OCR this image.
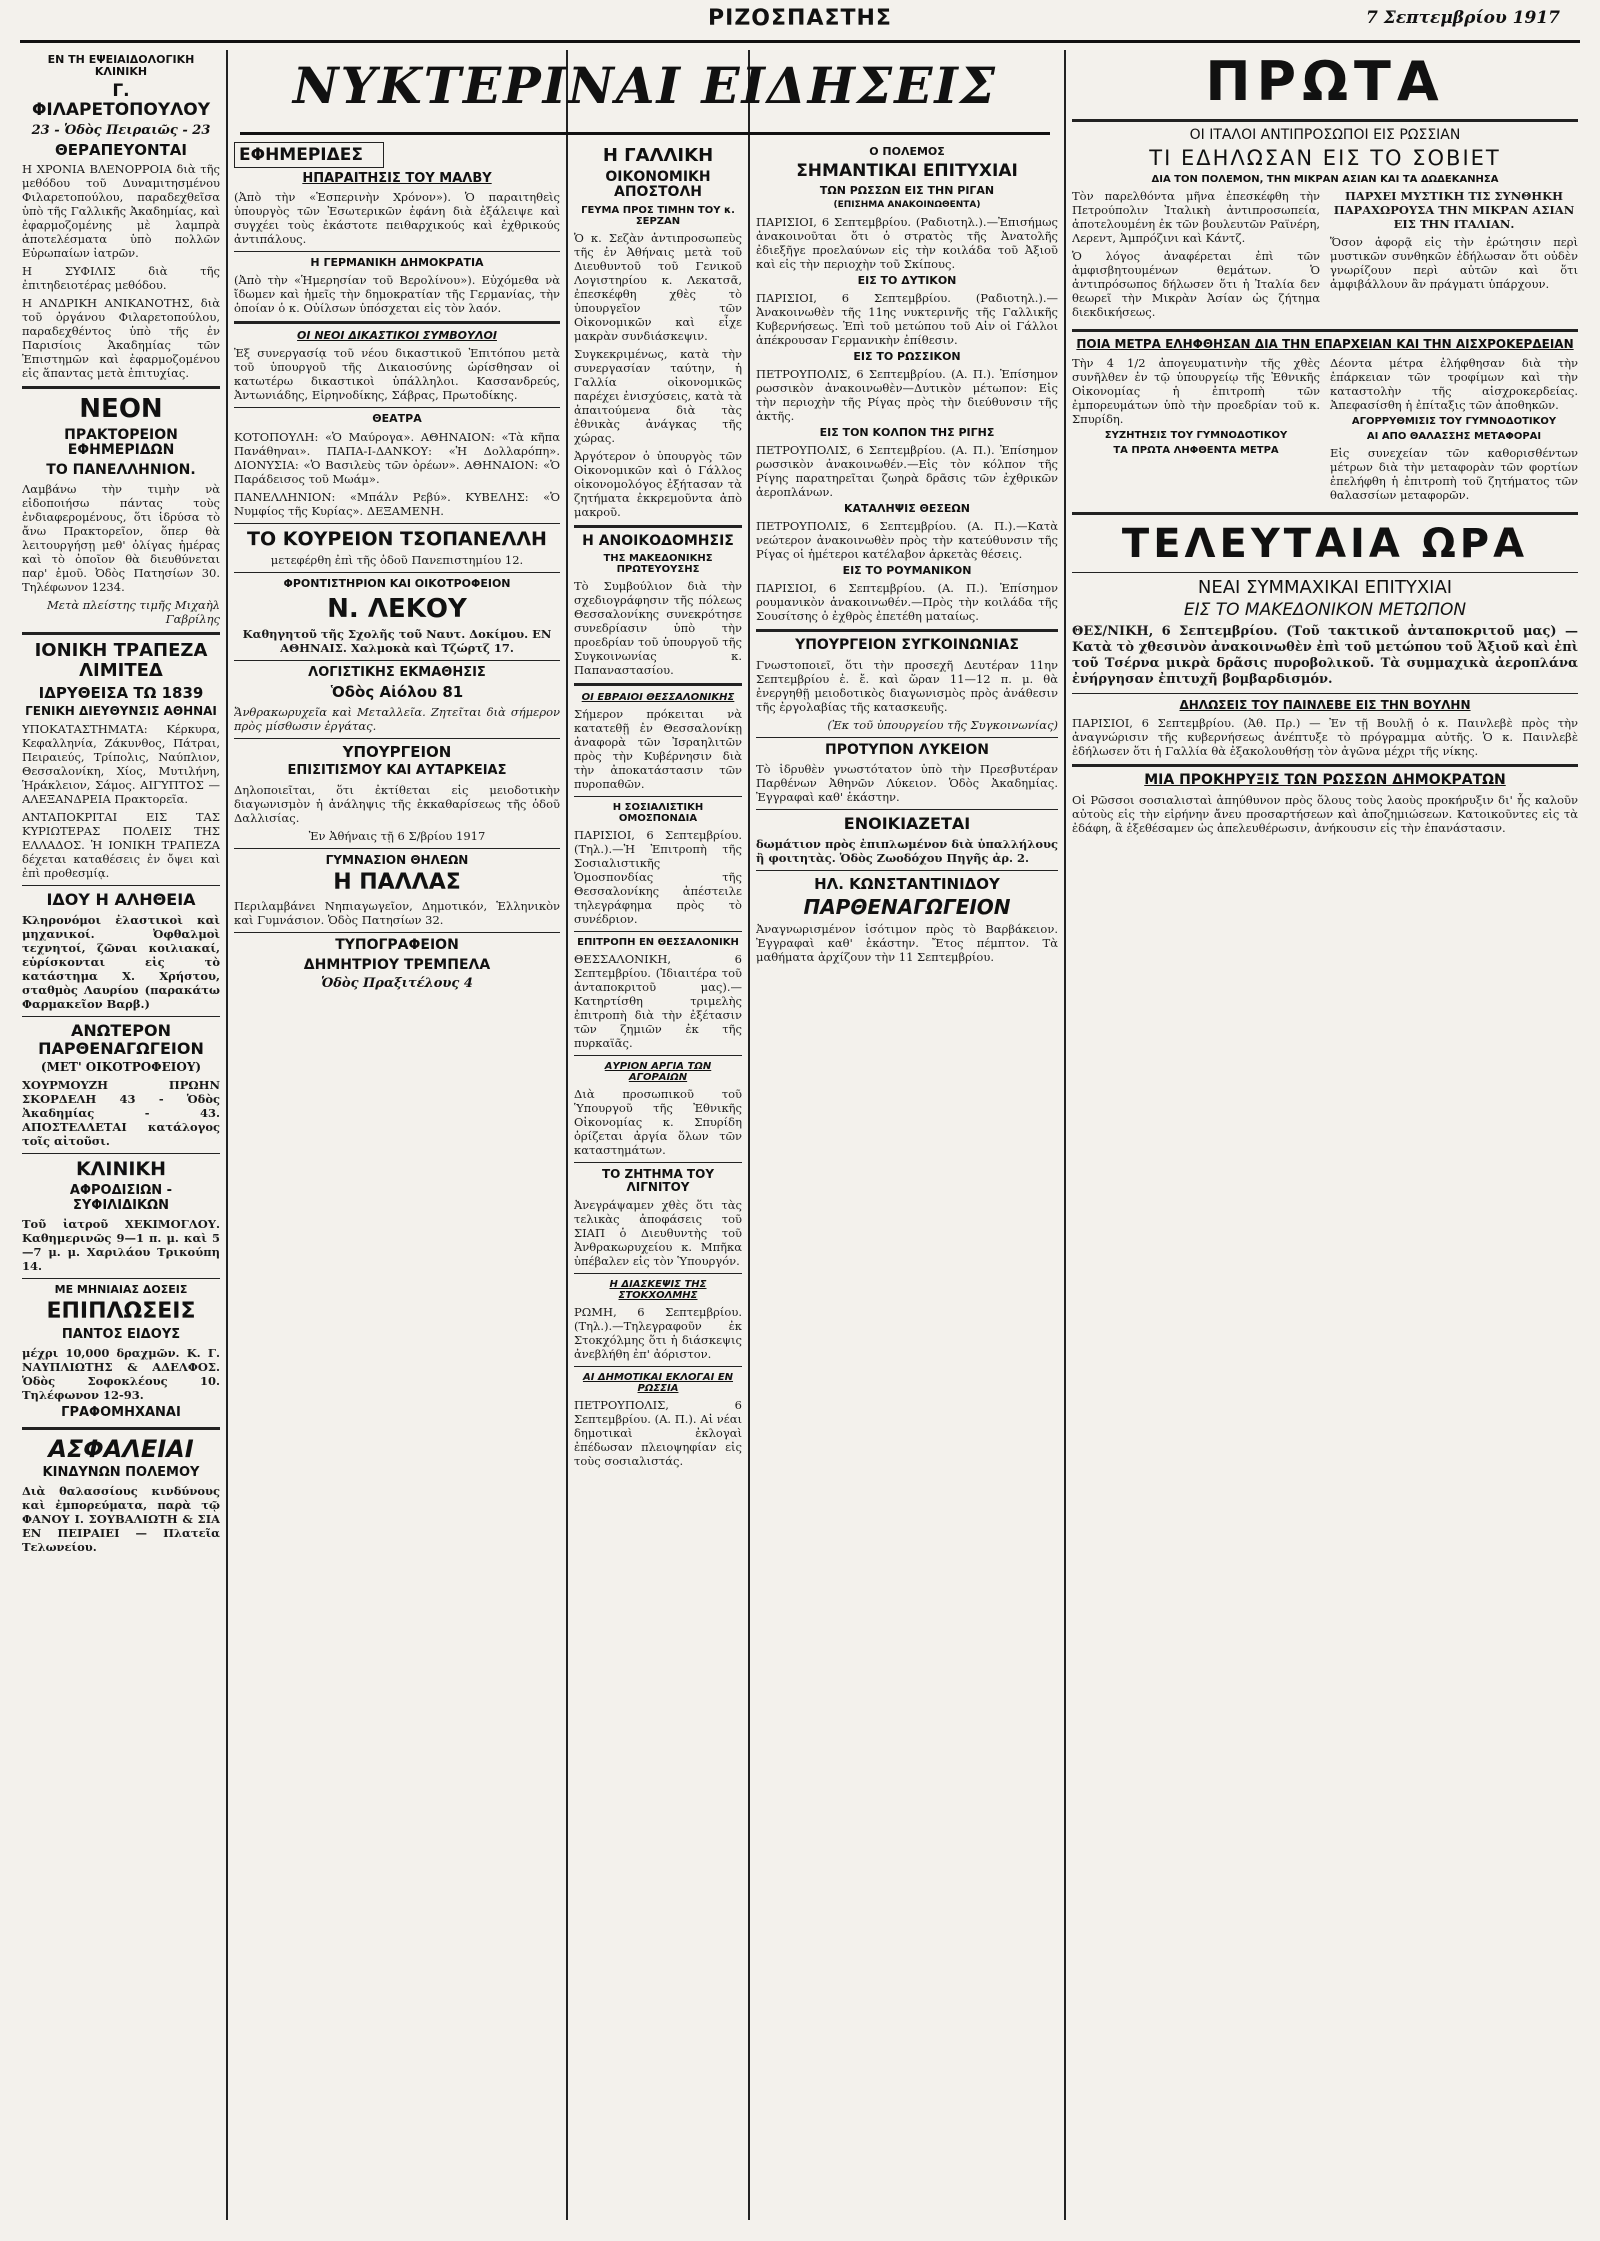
ΡΙΖΟΣΠΑΣΤΗΣ	7 Σεπτεμβρίου 1917
ΝΥΚΤΕΡΙΝΑΙ ΕΙΔΗΣΕΙΣ
ΕΝ ΤΗ ΕΨΕΙΑΙΔΟΛΟΓΙΚΗ ΚΛΙΝΙΚΗ
Γ. ΦΙΛΑΡΕΤΟΠΟΥΛΟΥ
23 - Ὁδὸς Πειραιῶς - 23
ΘΕΡΑΠΕΥΟΝΤΑΙ

Η ΧΡΟΝΙΑ ΒΛΕΝΟΡΡΟΙΑ διὰ τῆς μεθόδου τοῦ Δυναμιτησμένου Φιλαρετοπούλου, παραδεχθεῖσα ὑπὸ τῆς Γαλλικῆς Ἀκαδημίας, καὶ ἐφαρμοζομένης μὲ λαμπρὰ ἀποτελέσματα ὑπὸ πολλῶν Εὐρωπαίων ἰατρῶν.

Η ΣΥΦΙΛΙΣ διὰ τῆς ἐπιτηδειοτέρας μεθόδου.

Η ΑΝΔΡΙΚΗ ΑΝΙΚΑΝΟΤΗΣ, διὰ τοῦ ὀργάνου Φιλαρετοπούλου, παραδεχθέντος ὑπὸ τῆς ἐν Παρισίοις Ἀκαδημίας τῶν Ἐπιστημῶν καὶ ἐφαρμοζομένου εἰς ἅπαντας μετὰ ἐπιτυχίας.

ΝΕΟΝ
ΠΡΑΚΤΟΡΕΙΟΝ ΕΦΗΜΕΡΙΔΩΝ
ΤΟ ΠΑΝΕΛΛΗΝΙΟΝ.

Λαμβάνω τὴν τιμὴν νὰ εἰδοποιήσω πάντας τοὺς ἐνδιαφερομένους, ὅτι ἱδρύσα τὸ ἄνω Πρακτορεῖον, ὅπερ θὰ λειτουργήσῃ μεθ' ὀλίγας ἡμέρας καὶ τὸ ὁποῖον θὰ διευθύνεται παρ' ἐμοῦ. Ὀδὸς Πατησίων 30. Τηλέφωνον 1234.

Μετὰ πλείστης τιμῆς Μιχαὴλ Γαβρίλης

ΙΟΝΙΚΗ ΤΡΑΠΕΖΑ ΛΙΜΙΤΕΔ
ΙΔΡΥΘΕΙΣΑ ΤΩ 1839
ΓΕΝΙΚΗ ΔΙΕΥΘΥΝΣΙΣ ΑΘΗΝΑΙ

ΥΠΟΚΑΤΑΣΤΗΜΑΤΑ: Κέρκυρα, Κεφαλληνία, Ζάκυνθος, Πάτραι, Πειραιεύς, Τρίπολις, Ναύπλιον, Θεσσαλονίκη, Χίος, Μυτιλήνη, Ἡράκλειον, Σάμος. ΑΙΓΥΠΤΟΣ — ΑΛΕΞΑΝΔΡΕΙΑ Πρακτορεῖα.

ΑΝΤΑΠΟΚΡΙΤΑΙ ΕΙΣ ΤΑΣ ΚΥΡΙΩΤΕΡΑΣ ΠΟΛΕΙΣ ΤΗΣ ΕΛΛΑΔΟΣ. Ἡ ΙΟΝΙΚΗ ΤΡΑΠΕΖΑ δέχεται καταθέσεις ἐν ὄψει καὶ ἐπὶ προθεσμίᾳ.

ΙΔΟΥ Η ΑΛΗΘΕΙΑ

Κληρονόμοι ἐλαστικοὶ καὶ μηχανικοί. Ὀφθαλμοὶ τεχνητοί, ζῶναι κοιλιακαί, εὑρίσκονται εἰς τὸ κατάστημα Χ. Χρήστου, σταθμὸς Λαυρίου (παρακάτω Φαρμακεῖον Βαρβ.)

ΑΝΩΤΕΡΟΝ ΠΑΡΘΕΝΑΓΩΓΕΙΟΝ
(ΜΕΤ' ΟΙΚΟΤΡΟΦΕΙΟΥ)

ΧΟΥΡΜΟΥΖΗ ΠΡΩΗΝ ΣΚΟΡΔΕΛΗ 43 - Ὁδὸς Ἀκαδημίας - 43. ΑΠΟΣΤΕΛΛΕΤΑΙ κατάλογος τοῖς αἰτοῦσι.

ΚΛΙΝΙΚΗ
ΑΦΡΟΔΙΣΙΩΝ - ΣΥΦΙΛΙΔΙΚΩΝ

Τοῦ ἰατροῦ ΧΕΚΙΜΟΓΛΟΥ. Καθημερινῶς 9—1 π. μ. καὶ 5—7 μ. μ. Χαριλάου Τρικούπη 14.

ΜΕ ΜΗΝΙΑΙΑΣ ΔΟΣΕΙΣ
ΕΠΙΠΛΩΣΕΙΣ
ΠΑΝΤΟΣ ΕΙΔΟΥΣ

μέχρι 10,000 δραχμῶν. Κ. Γ. ΝΑΥΠΛΙΩΤΗΣ & ΑΔΕΛΦΟΣ. Ὁδὸς Σοφοκλέους 10. Τηλέφωνον 12-93.

ΓΡΑΦΟΜΗΧΑΝΑΙ
ΑΣΦΑΛΕΙΑΙ
ΚΙΝΔΥΝΩΝ ΠΟΛΕΜΟΥ

Διὰ θαλασσίους κινδύνους καὶ ἐμπορεύματα, παρὰ τῷ ΦΑΝΟΥ Ι. ΣΟΥΒΑΛΙΩΤΗ & ΣΙΑ ΕΝ ΠΕΙΡΑΙΕΙ — Πλατεῖα Τελωνείου.

ΕΦΗΜΕΡΙΔΕΣ
ΗΠΑΡΑΙΤΗΣΙΣ ΤΟΥ ΜΑΛΒΥ

(Ἀπὸ τὴν «Ἑσπερινὴν Χρόνον»). Ὁ παραιτηθεὶς ὑπουργὸς τῶν Ἐσωτερικῶν ἐφάνη διὰ ἐξάλειψε καὶ συγχέει τοὺς ἐκάστοτε πειθαρχικούς καὶ ἐχθρικούς ἀντιπάλους.

Η ΓΕΡΜΑΝΙΚΗ ΔΗΜΟΚΡΑΤΙΑ

(Ἀπὸ τὴν «Ἡμερησίαν τοῦ Βερολίνου»). Εὐχόμεθα νὰ ἴδωμεν καὶ ἡμεῖς τὴν δημοκρατίαν τῆς Γερμανίας, τὴν ὁποίαν ὁ κ. Οὐίλσων ὑπόσχεται εἰς τὸν λαόν.

ΟΙ ΝΕΟΙ ΔΙΚΑΣΤΙΚΟΙ ΣΥΜΒΟΥΛΟΙ

Ἐξ συνεργασίᾳ τοῦ νέου δικαστικοῦ Ἐπιτόπου μετὰ τοῦ ὑπουργοῦ τῆς Δικαιοσύνης ὡρίσθησαν οἱ κατωτέρω δικαστικοὶ ὑπάλληλοι. Κασσανδρεύς, Ἀντωνιάδης, Εἰρηνοδίκης, Σάβρας, Πρωτοδίκης.

ΘΕΑΤΡΑ

ΚΟΤΟΠΟΥΛΗ: «Ὁ Μαύρογα». ΑΘΗΝΑΙΟΝ: «Τὰ κῆπα Πανάθηναι». ΠΑΠΑ-Ι-ΔΑΝΚΟΥ: «Ἡ Δολλαρόπη». ΔΙΟΝΥΣΙΑ: «Ὁ Βασιλεὺς τῶν ὀρέων». ΑΘΗΝΑΙΟΝ: «Ὁ Παράδεισος τοῦ Μωάμ».

ΠΑΝΕΛΛΗΝΙΟΝ: «Μπάλν Ρεβύ». ΚΥΒΕΛΗΣ: «Ὁ Νυμφίος τῆς Κυρίας». ΔΕΞΑΜΕΝΗ.

ΤΟ ΚΟΥΡΕΙΟΝ ΤΣΟΠΑΝΕΛΛΗ

μετεφέρθη ἐπὶ τῆς ὁδοῦ Πανεπιστημίου 12.

ΦΡΟΝΤΙΣΤΗΡΙΟΝ ΚΑΙ ΟΙΚΟΤΡΟΦΕΙΟΝ
Ν. ΛΕΚΟΥ

Καθηγητοῦ τῆς Σχολῆς τοῦ Ναυτ. Δοκίμου. ΕΝ ΑΘΗΝΑΙΣ. Χαλμοκὰ καὶ Τζώρτζ 17.

ΛΟΓΙΣΤΙΚΗΣ ΕΚΜΑΘΗΣΙΣ
Ὁδὸς Αἰόλου 81

Ἄνθρακωρυχεῖα καὶ Μεταλλεῖα. Ζητεῖται διὰ σήμερον πρὸς μίσθωσιν ἐργάτας.

ΥΠΟΥΡΓΕΙΟΝ
ΕΠΙΣΙΤΙΣΜΟΥ ΚΑΙ ΑΥΤΑΡΚΕΙΑΣ

Δηλοποιεῖται, ὅτι ἐκτίθεται εἰς μειοδοτικὴν διαγωνισμὸν ἡ ἀνάληψις τῆς ἐκκαθαρίσεως τῆς ὁδοῦ Δαλλισίας.

Ἐν Ἀθήναις τῇ 6 Σ/βρίου 1917

ΓΥΜΝΑΣΙΟΝ ΘΗΛΕΩΝ
Η ΠΑΛΛΑΣ

Περιλαμβάνει Νηπιαγωγεῖον, Δημοτικόν, Ἑλληνικὸν καὶ Γυμνάσιον. Ὁδὸς Πατησίων 32.

ΤΥΠΟΓΡΑΦΕΙΟΝ
ΔΗΜΗΤΡΙΟΥ ΤΡΕΜΠΕΛΑ
Ὁδὸς Πραξιτέλους 4
Η ΓΑΛΛΙΚΗ
ΟΙΚΟΝΟΜΙΚΗ ΑΠΟΣΤΟΛΗ
ΓΕΥΜΑ ΠΡΟΣ ΤΙΜΗΝ ΤΟΥ κ. ΣΕΡΖΑΝ

Ὁ κ. Σεζὰν ἀντιπροσωπεὺς τῆς ἐν Ἀθήναις μετὰ τοῦ Διευθυντοῦ τοῦ Γενικοῦ Λογιστηρίου κ. Λεκατσᾶ, ἐπεσκέφθη χθὲς τὸ ὑπουργεῖον τῶν Οἰκονομικῶν καὶ εἶχε μακρὰν συνδιάσκεψιν.

Συγκεκριμένως, κατὰ τὴν συνεργασίαν ταύτην, ἡ Γαλλία οἰκονομικῶς παρέχει ἐνισχύσεις, κατὰ τὰ ἀπαιτούμενα διὰ τὰς ἐθνικὰς ἀνάγκας τῆς χώρας.

Ἀργότερον ὁ ὑπουργὸς τῶν Οἰκονομικῶν καὶ ὁ Γάλλος οἰκονομολόγος ἐξήτασαν τὰ ζητήματα ἐκκρεμοῦντα ἀπὸ μακροῦ.

Η ΑΝΟΙΚΟΔΟΜΗΣΙΣ
ΤΗΣ ΜΑΚΕΔΟΝΙΚΗΣ ΠΡΩΤΕΥΟΥΣΗΣ

Τὸ Συμβούλιον διὰ τὴν σχεδιογράφησιν τῆς πόλεως Θεσσαλονίκης συνεκρότησε συνεδρίασιν ὑπὸ τὴν προεδρίαν τοῦ ὑπουργοῦ τῆς Συγκοινωνίας κ. Παπαναστασίου.

ΟΙ ΕΒΡΑΙΟΙ ΘΕΣΣΑΛΟΝΙΚΗΣ

Σήμερον πρόκειται νὰ κατατεθῇ ἐν Θεσσαλονίκῃ ἀναφορὰ τῶν Ἰσραηλιτῶν πρὸς τὴν Κυβέρνησιν διὰ τὴν ἀποκατάστασιν τῶν πυροπαθῶν.

Η ΣΟΣΙΑΛΙΣΤΙΚΗ ΟΜΟΣΠΟΝΔΙΑ

ΠΑΡΙΣΙΟΙ, 6 Σεπτεμβρίου. (Τηλ.).—Ἡ Ἐπιτροπὴ τῆς Σοσιαλιστικῆς Ὁμοσπονδίας τῆς Θεσσαλονίκης ἀπέστειλε τηλεγράφημα πρὸς τὸ συνέδριον.

ΕΠΙΤΡΟΠΗ ΕΝ ΘΕΣΣΑΛΟΝΙΚΗ

ΘΕΣΣΑΛΟΝΙΚΗ, 6 Σεπτεμβρίου. (Ἰδιαιτέρα τοῦ ἀνταποκριτοῦ μας).—Κατηρτίσθη τριμελὴς ἐπιτροπὴ διὰ τὴν ἐξέτασιν τῶν ζημιῶν ἐκ τῆς πυρκαϊᾶς.

ΑΥΡΙΟΝ ΑΡΓΙΑ ΤΩΝ ΑΓΟΡΑΙΩΝ

Διὰ προσωπικοῦ τοῦ Ὑπουργοῦ τῆς Ἐθνικῆς Οἰκονομίας κ. Σπυρίδη ὁρίζεται ἀργία ὅλων τῶν καταστημάτων.

ΤΟ ΖΗΤΗΜΑ ΤΟΥ ΛΙΓΝΙΤΟΥ

Ἀνεγράψαμεν χθὲς ὅτι τὰς τελικὰς ἀποφάσεις τοῦ ΣΙΑΠ ὁ Διευθυντὴς τοῦ Ἀνθρακωρυχείου κ. Μπῆκα ὑπέβαλεν εἰς τὸν Ὑπουργόν.

Η ΔΙΑΣΚΕΨΙΣ ΤΗΣ ΣΤΟΚΧΟΛΜΗΣ

ΡΩΜΗ, 6 Σεπτεμβρίου. (Τηλ.).—Τηλεγραφοῦν ἐκ Στοκχόλμης ὅτι ἡ διάσκεψις ἀνεβλήθη ἐπ' ἀόριστον.

ΑΙ ΔΗΜΟΤΙΚΑΙ ΕΚΛΟΓΑΙ ΕΝ ΡΩΣΣΙΑ

ΠΕΤΡΟΥΠΟΛΙΣ, 6 Σεπτεμβρίου. (Α. Π.). Αἱ νέαι δημοτικαὶ ἐκλογαὶ ἐπέδωσαν πλειοψηφίαν εἰς τοὺς σοσιαλιστάς.

Ο ΠΟΛΕΜΟΣ
ΣΗΜΑΝΤΙΚΑΙ ΕΠΙΤΥΧΙΑΙ
ΤΩΝ ΡΩΣΣΩΝ ΕΙΣ ΤΗΝ ΡΙΓΑΝ
(ΕΠΙΣΗΜΑ ΑΝΑΚΟΙΝΩΘΕΝΤΑ)

ΠΑΡΙΣΙΟΙ, 6 Σεπτεμβρίου. (Ραδιοτηλ.).—Ἐπισήμως ἀνακοινοῦται ὅτι ὁ στρατὸς τῆς Ἀνατολῆς ἐδιεξῆγε προελαύνων εἰς τὴν κοιλάδα τοῦ Ἀξιοῦ καὶ εἰς τὴν περιοχὴν τοῦ Σκίπους.

ΕΙΣ ΤΟ ΔΥΤΙΚΟΝ

ΠΑΡΙΣΙΟΙ, 6 Σεπτεμβρίου. (Ραδιοτηλ.).—Ἀνακοινωθὲν τῆς 11ης νυκτερινῆς τῆς Γαλλικῆς Κυβερνήσεως. Ἐπὶ τοῦ μετώπου τοῦ Αἰν οἱ Γάλλοι ἀπέκρουσαν Γερμανικὴν ἐπίθεσιν.

ΕΙΣ ΤΟ ΡΩΣΣΙΚΟΝ

ΠΕΤΡΟΥΠΟΛΙΣ, 6 Σεπτεμβρίου. (Α. Π.). Ἐπίσημον ρωσσικὸν ἀνακοινωθὲν—Δυτικὸν μέτωπον: Εἰς τὴν περιοχὴν τῆς Ρίγας πρὸς τὴν διεύθυνσιν τῆς ἀκτῆς.

ΕΙΣ ΤΟΝ ΚΟΛΠΟΝ ΤΗΣ ΡΙΓΗΣ

ΠΕΤΡΟΥΠΟΛΙΣ, 6 Σεπτεμβρίου. (Α. Π.). Ἐπίσημον ρωσσικὸν ἀνακοινωθέν.—Εἰς τὸν κόλπον τῆς Ρίγης παρατηρεῖται ζωηρὰ δρᾶσις τῶν ἐχθρικῶν ἀεροπλάνων.

ΚΑΤΑΛΗΨΙΣ ΘΕΣΕΩΝ

ΠΕΤΡΟΥΠΟΛΙΣ, 6 Σεπτεμβρίου. (Α. Π.).—Κατὰ νεώτερον ἀνακοινωθὲν πρὸς τὴν κατεύθυνσιν τῆς Ρίγας οἱ ἡμέτεροι κατέλαβον ἀρκετὰς θέσεις.

ΕΙΣ ΤΟ ΡΟΥΜΑΝΙΚΟΝ

ΠΑΡΙΣΙΟΙ, 6 Σεπτεμβρίου. (Α. Π.). Ἐπίσημον ρουμανικὸν ἀνακοινωθέν.—Πρὸς τὴν κοιλάδα τῆς Σουσίτσης ὁ ἐχθρὸς ἐπετέθη ματαίως.

ΥΠΟΥΡΓΕΙΟΝ ΣΥΓΚΟΙΝΩΝΙΑΣ

Γνωστοποιεῖ, ὅτι τὴν προσεχῆ Δευτέραν 11ην Σεπτεμβρίου ἐ. ἔ. καὶ ὥραν 11—12 π. μ. θὰ ἐνεργηθῇ μειοδοτικὸς διαγωνισμὸς πρὸς ἀνάθεσιν τῆς ἐργολαβίας τῆς κατασκευῆς.

(Ἐκ τοῦ ὑπουργείου τῆς Συγκοινωνίας)

ΠΡΟΤΥΠΟΝ ΛΥΚΕΙΟΝ

Τὸ ἱδρυθὲν γνωστότατον ὑπὸ τὴν Πρεσβυτέραν Παρθένων Ἀθηνῶν Λύκειον. Ὁδὸς Ἀκαδημίας. Ἐγγραφαὶ καθ' ἑκάστην.

ΕΝΟΙΚΙΑΖΕΤΑΙ

δωμάτιον πρὸς ἐπιπλωμένον διὰ ὑπαλλήλους ἢ φοιτητὰς. Ὁδὸς Ζωοδόχου Πηγῆς ἀρ. 2.

ΗΛ. ΚΩΝΣΤΑΝΤΙΝΙΔΟΥ
ΠΑΡΘΕΝΑΓΩΓΕΙΟΝ

Ἀναγνωρισμένον ἰσότιμον πρὸς τὸ Βαρβάκειον. Ἐγγραφαὶ καθ' ἑκάστην. Ἔτος πέμπτον. Τὰ μαθήματα ἀρχίζουν τὴν 11 Σεπτεμβρίου.

ΠΡΩΤΑ
ΟΙ ΙΤΑΛΟΙ ΑΝΤΙΠΡΟΣΩΠΟΙ ΕΙΣ ΡΩΣΣΙΑΝ
ΤΙ ΕΔΗΛΩΣΑΝ ΕΙΣ ΤΟ ΣΟΒΙΕΤ
ΔΙΑ ΤΟΝ ΠΟΛΕΜΟΝ, ΤΗΝ ΜΙΚΡΑΝ ΑΣΙΑΝ ΚΑΙ ΤΑ ΔΩΔΕΚΑΝΗΣΑ

Τὸν παρελθόντα μῆνα ἐπεσκέφθη τὴν Πετρούπολιν Ἰταλικὴ ἀντιπροσωπεία, ἀποτελουμένη ἐκ τῶν βουλευτῶν Ραϊνέρη, Λερεντ, Ἀμπρόζινι καὶ Κάντζ.

Ὁ λόγος ἀναφέρεται ἐπὶ τῶν ἀμφισβητουμένων θεμάτων. Ὁ ἀντιπρόσωπος δήλωσεν ὅτι ἡ Ἰταλία δεν θεωρεῖ τὴν Μικρὰν Ἀσίαν ὡς ζήτημα διεκδικήσεως.

ΠΑΡΧΕΙ ΜΥΣΤΙΚΗ ΤΙΣ ΣΥΝΘΗΚΗ ΠΑΡΑΧΩΡΟΥΣΑ ΤΗΝ ΜΙΚΡΑΝ ΑΣΙΑΝ ΕΙΣ ΤΗΝ ΙΤΑΛΙΑΝ.

Ὅσον ἀφορᾷ εἰς τὴν ἐρώτησιν περὶ μυστικῶν συνθηκῶν ἐδήλωσαν ὅτι οὐδὲν γνωρίζουν περὶ αὐτῶν καὶ ὅτι ἀμφιβάλλουν ἂν πράγματι ὑπάρχουν.

ΠΟΙΑ ΜΕΤΡΑ ΕΛΗΦΘΗΣΑΝ ΔΙΑ ΤΗΝ ΕΠΑΡΧΕΙΑΝ ΚΑΙ ΤΗΝ ΑΙΣΧΡΟΚΕΡΔΕΙΑΝ

Τὴν 4 1/2 ἀπογευματινὴν τῆς χθὲς συνῆλθεν ἐν τῷ ὑπουργείῳ τῆς Ἐθνικῆς Οἰκονομίας ἡ ἐπιτροπὴ τῶν ἐμπορευμάτων ὑπὸ τὴν προεδρίαν τοῦ κ. Σπυρίδη.

ΣΥΖΗΤΗΣΙΣ ΤΟΥ ΓΥΜΝΟΔΟΤΙΚΟΥ
ΤΑ ΠΡΩΤΑ ΛΗΦΘΕΝΤΑ ΜΕΤΡΑ

Δέοντα μέτρα ἐλήφθησαν διὰ τὴν ἐπάρκειαν τῶν τροφίμων καὶ τὴν καταστολὴν τῆς αἰσχροκερδείας. Ἀπεφασίσθη ἡ ἐπίταξις τῶν ἀποθηκῶν.

ΑΓΟΡΡΥΘΜΙΣΙΣ ΤΟΥ ΓΥΜΝΟΔΟΤΙΚΟΥ
ΑΙ ΑΠΟ ΘΑΛΑΣΣΗΣ ΜΕΤΑΦΟΡΑΙ

Εἰς συνεχείαν τῶν καθορισθέντων μέτρων διὰ τὴν μεταφορὰν τῶν φορτίων ἐπελήφθη ἡ ἐπιτροπὴ τοῦ ζητήματος τῶν θαλασσίων μεταφορῶν.

ΤΕΛΕΥΤΑΙΑ ΩΡΑ
ΝΕΑΙ ΣΥΜΜΑΧΙΚΑΙ ΕΠΙΤΥΧΙΑΙ
ΕΙΣ ΤΟ ΜΑΚΕΔΟΝΙΚΟΝ ΜΕΤΩΠΟΝ

ΘΕΣ/ΝΙΚΗ, 6 Σεπτεμβρίου. (Τοῦ τακτικοῦ ἀνταποκριτοῦ μας) — Κατὰ τὸ χθεσινὸν ἀνακοινωθὲν ἐπὶ τοῦ μετώπου τοῦ Ἀξιοῦ καὶ ἐπὶ τοῦ Τσέρνα μικρὰ δρᾶσις πυροβολικοῦ. Τὰ συμμαχικὰ ἀεροπλάνα ἐνήργησαν ἐπιτυχῆ βομβαρδισμόν.

ΔΗΛΩΣΕΙΣ ΤΟΥ ΠΑΙΝΛΕΒΕ ΕΙΣ ΤΗΝ ΒΟΥΛΗΝ

ΠΑΡΙΣΙΟΙ, 6 Σεπτεμβρίου. (Ἀθ. Πρ.) — Ἐν τῇ Βουλῇ ὁ κ. Παινλεβὲ πρὸς τὴν ἀναγνώρισιν τῆς κυβερνήσεως ἀνέπτυξε τὸ πρόγραμμα αὐτῆς. Ὁ κ. Παινλεβὲ ἐδήλωσεν ὅτι ἡ Γαλλία θὰ ἐξακολουθήσῃ τὸν ἀγῶνα μέχρι τῆς νίκης.

ΜΙΑ ΠΡΟΚΗΡΥΞΙΣ ΤΩΝ ΡΩΣΣΩΝ ΔΗΜΟΚΡΑΤΩΝ

Οἱ Ρῶσσοι σοσιαλισταὶ ἀπηύθυνον πρὸς ὅλους τοὺς λαοὺς προκήρυξιν δι' ἧς καλοῦν αὐτοὺς εἰς τὴν εἰρήνην ἄνευ προσαρτήσεων καὶ ἀποζημιώσεων. Κατοικοῦντες εἰς τὰ ἐδάφη, ἃ ἐξεθέσαμεν ὡς ἀπελευθέρωσιν, ἀνήκουσιν εἰς τὴν ἐπανάστασιν.
